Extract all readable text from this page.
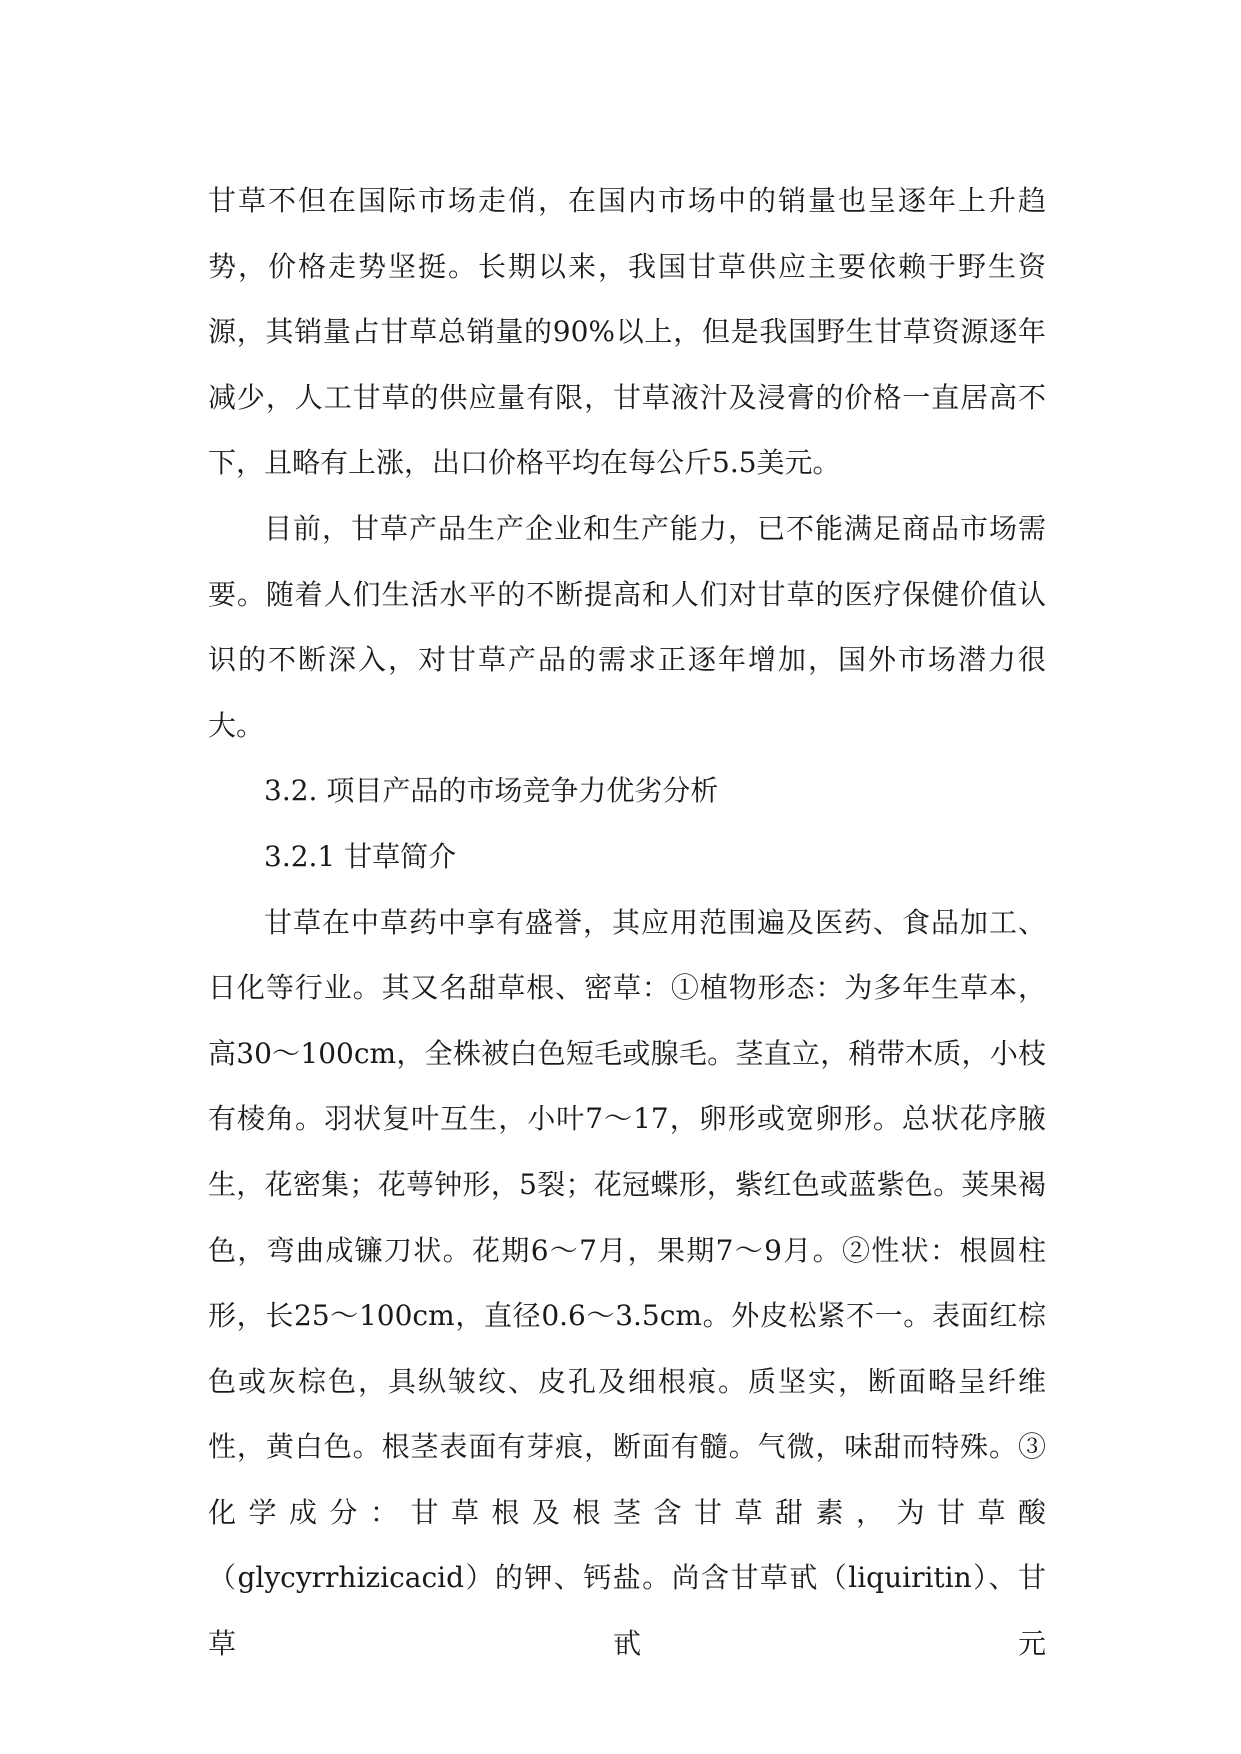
甘草不但在国际市场走俏，在国内市场中的销量也呈逐年上升趋势，价格走势坚挺。长期以来，我国甘草供应主要依赖于野生资源，其销量占甘草总销量的90%以上，但是我国野生甘草资源逐年减少，人工甘草的供应量有限，甘草液汁及浸膏的价格一直居高不下，且略有上涨，出口价格平均在每公斤5.5美元。

目前，甘草产品生产企业和生产能力，已不能满足商品市场需要。随着人们生活水平的不断提高和人们对甘草的医疗保健价值认识的不断深入，对甘草产品的需求正逐年增加，国外市场潜力很大。

3.2. 项目产品的市场竞争力优劣分析

3.2.1 甘草简介

甘草在中草药中享有盛誉，其应用范围遍及医药、食品加工、日化等行业。其又名甜草根、密草：①植物形态：为多年生草本，高30～100cm，全株被白色短毛或腺毛。茎直立，稍带木质，小枝有棱角。羽状复叶互生，小叶7～17，卵形或宽卵形。总状花序腋生，花密集；花萼钟形，5裂；花冠蝶形，紫红色或蓝紫色。荚果褐色，弯曲成镰刀状。花期6～7月，果期7～9月。②性状：根圆柱形，长25～100cm，直径0.6～3.5cm。外皮松紧不一。表面红棕色或灰棕色，具纵皱纹、皮孔及细根痕。质坚实，断面略呈纤维性，黄白色。根茎表面有芽痕，断面有髓。气微，味甜而特殊。③化学成分：甘草根及根茎含甘草甜素，为甘草酸（glycyrrhizicacid）的钾、钙盐。尚含甘草甙（liquiritin）、甘草甙元
